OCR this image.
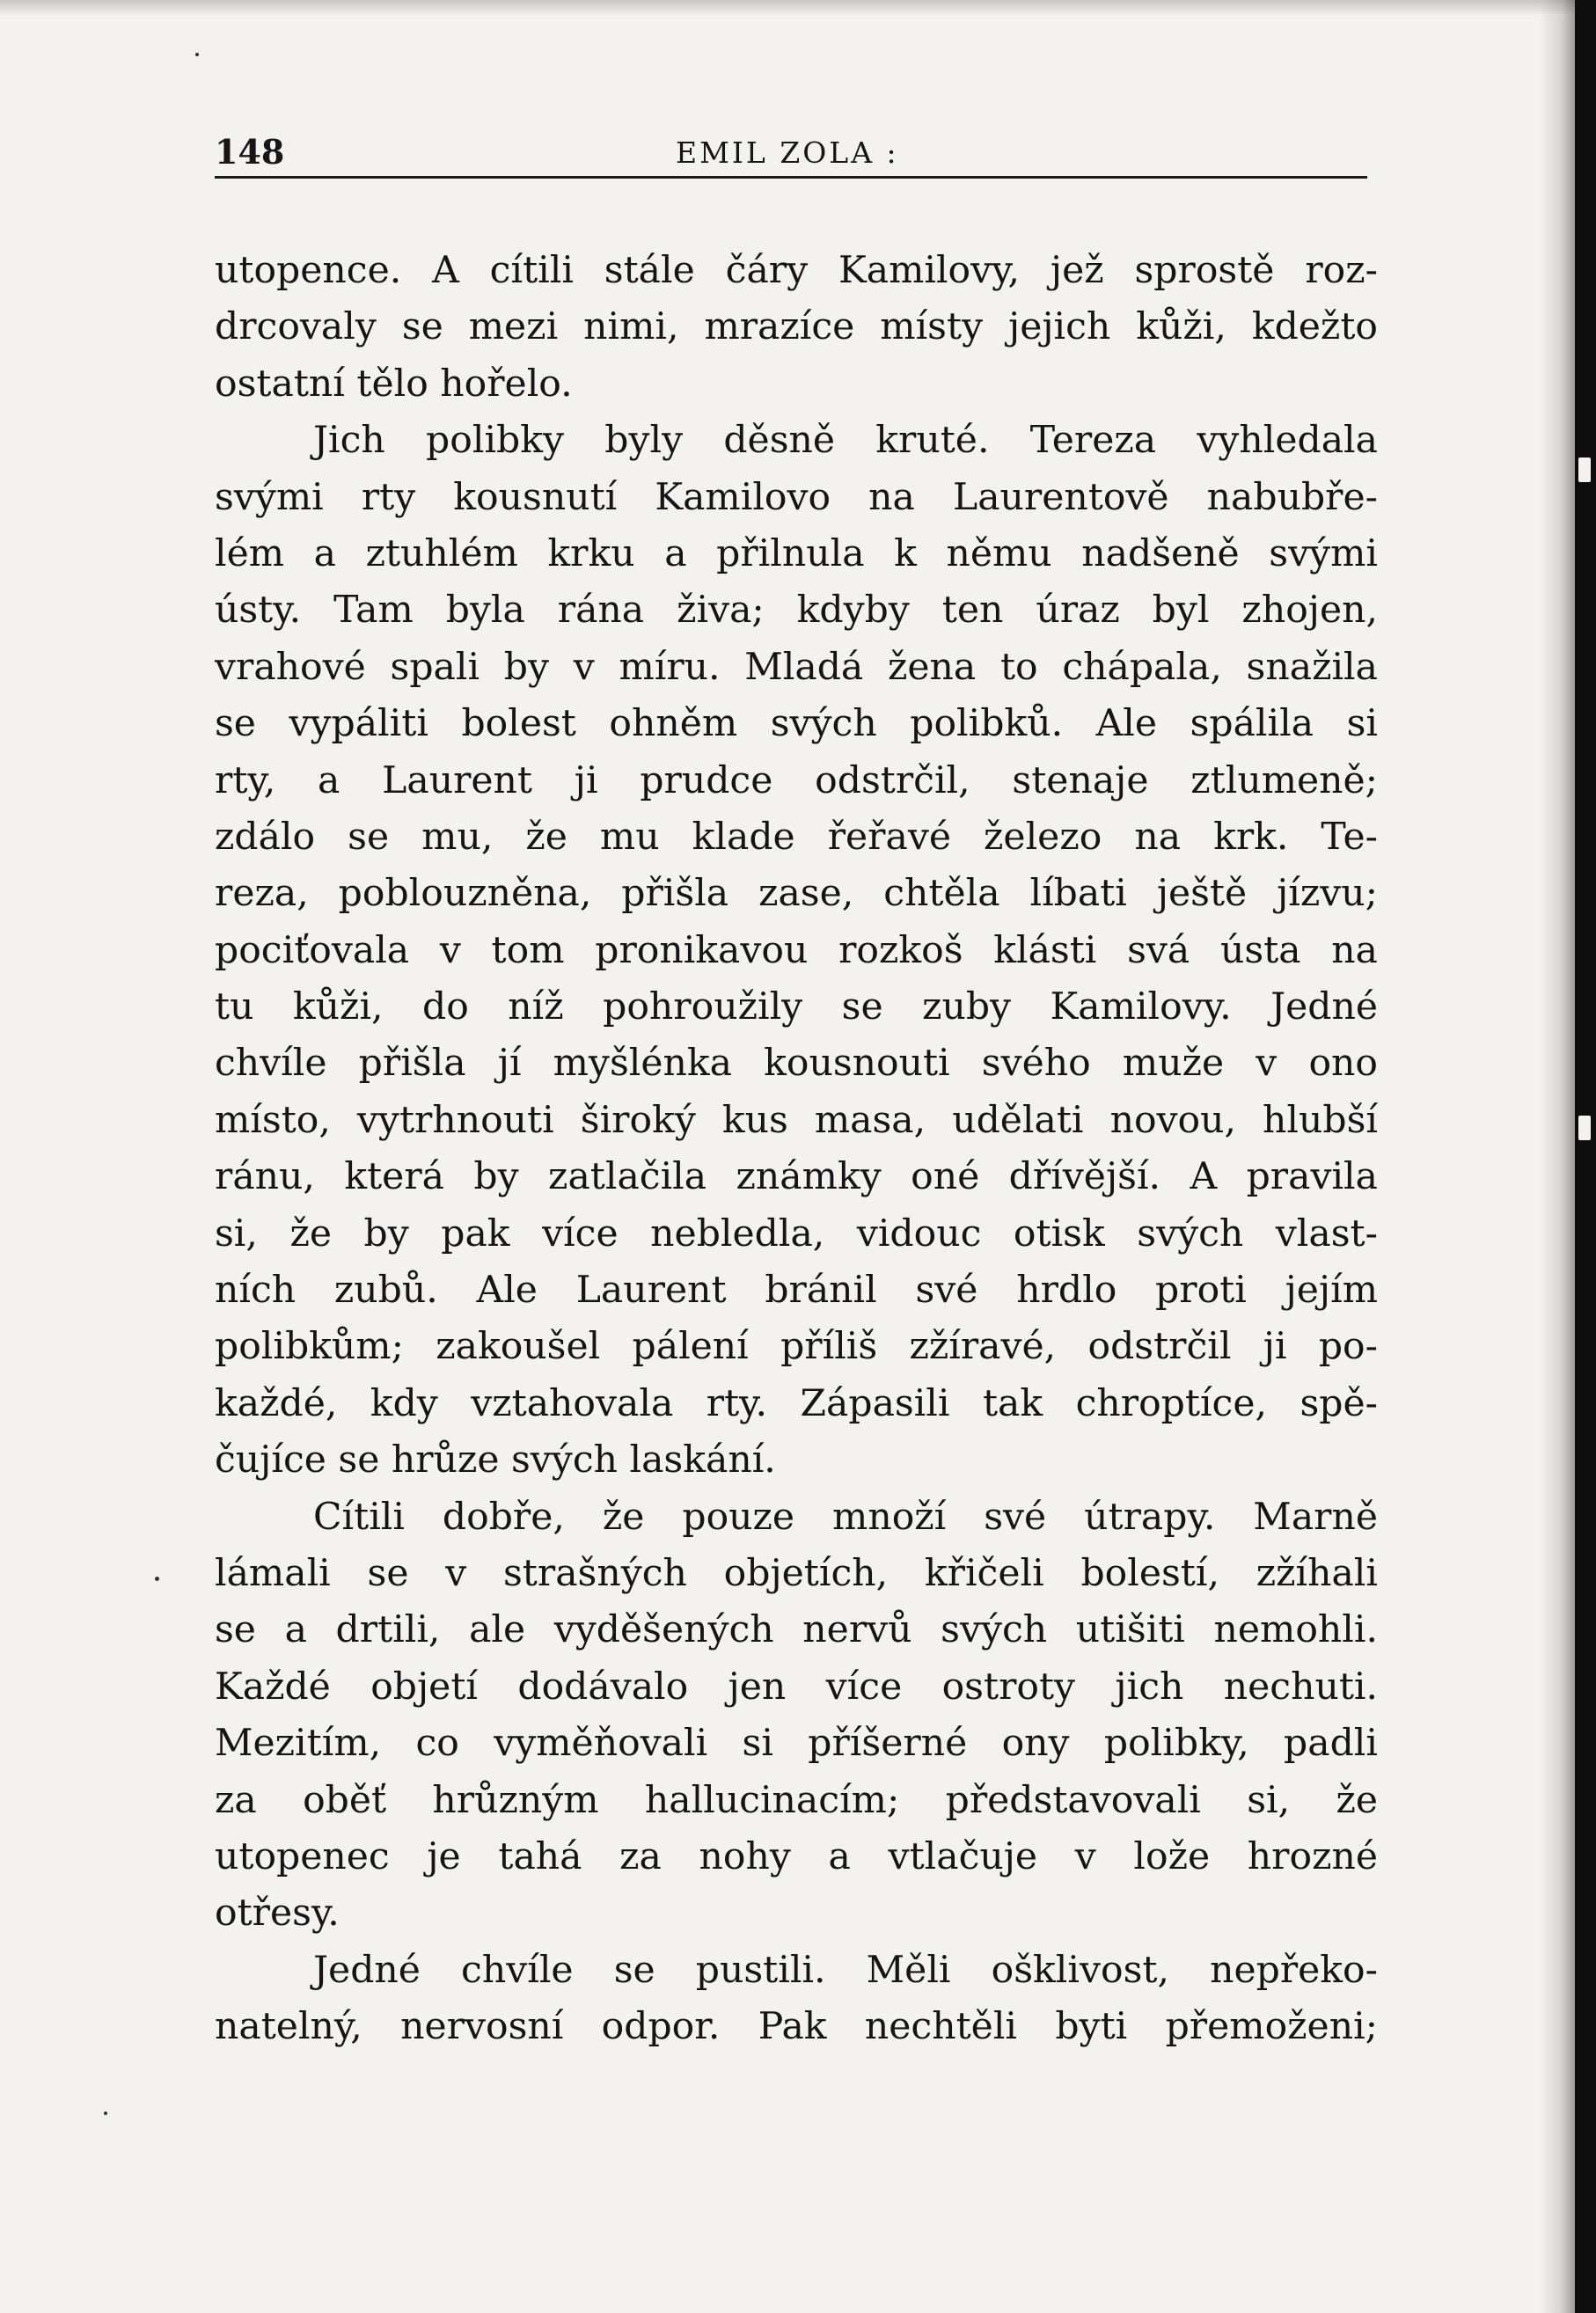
148	EMIL ZOLA :
utopence. A cítili stále čáry Kamilovy, jež sprostě roz-
drcovaly se mezi nimi, mrazíce místy jejich kůži, kdežto
ostatní tělo hořelo.
Jich polibky byly děsně kruté. Tereza vyhledala
svými rty kousnutí Kamilovo na Laurentově nabubře-
lém a ztuhlém krku a přilnula k němu nadšeně svými
ústy. Tam byla rána živa; kdyby ten úraz byl zhojen,
vrahové spali by v míru. Mladá žena to chápala, snažila
se vypáliti bolest ohněm svých polibků. Ale spálila si
rty, a Laurent ji prudce odstrčil, stenaje ztlumeně;
zdálo se mu, že mu klade řeřavé železo na krk. Te-
reza, poblouzněna, přišla zase, chtěla líbati ještě jízvu;
pociťovala v tom pronikavou rozkoš klásti svá ústa na
tu kůži, do níž pohroužily se zuby Kamilovy. Jedné
chvíle přišla jí myšlénka kousnouti svého muže v ono
místo, vytrhnouti široký kus masa, udělati novou, hlubší
ránu, která by zatlačila známky oné dřívější. A pravila
si, že by pak více nebledla, vidouc otisk svých vlast-
ních zubů. Ale Laurent bránil své hrdlo proti jejím
polibkům; zakoušel pálení příliš zžíravé, odstrčil ji po-
každé, kdy vztahovala rty. Zápasili tak chroptíce, spě-
čujíce se hrůze svých laskání.
Cítili dobře, že pouze množí své útrapy. Marně
lámali se v strašných objetích, křičeli bolestí, zžíhali
se a drtili, ale vyděšených nervů svých utišiti nemohli.
Každé objetí dodávalo jen více ostroty jich nechuti.
Mezitím, co vyměňovali si příšerné ony polibky, padli
za oběť hrůzným hallucinacím; představovali si, že
utopenec je tahá za nohy a vtlačuje v lože hrozné
otřesy.
Jedné chvíle se pustili. Měli ošklivost, nepřeko-
natelný, nervosní odpor. Pak nechtěli byti přemoženi;
